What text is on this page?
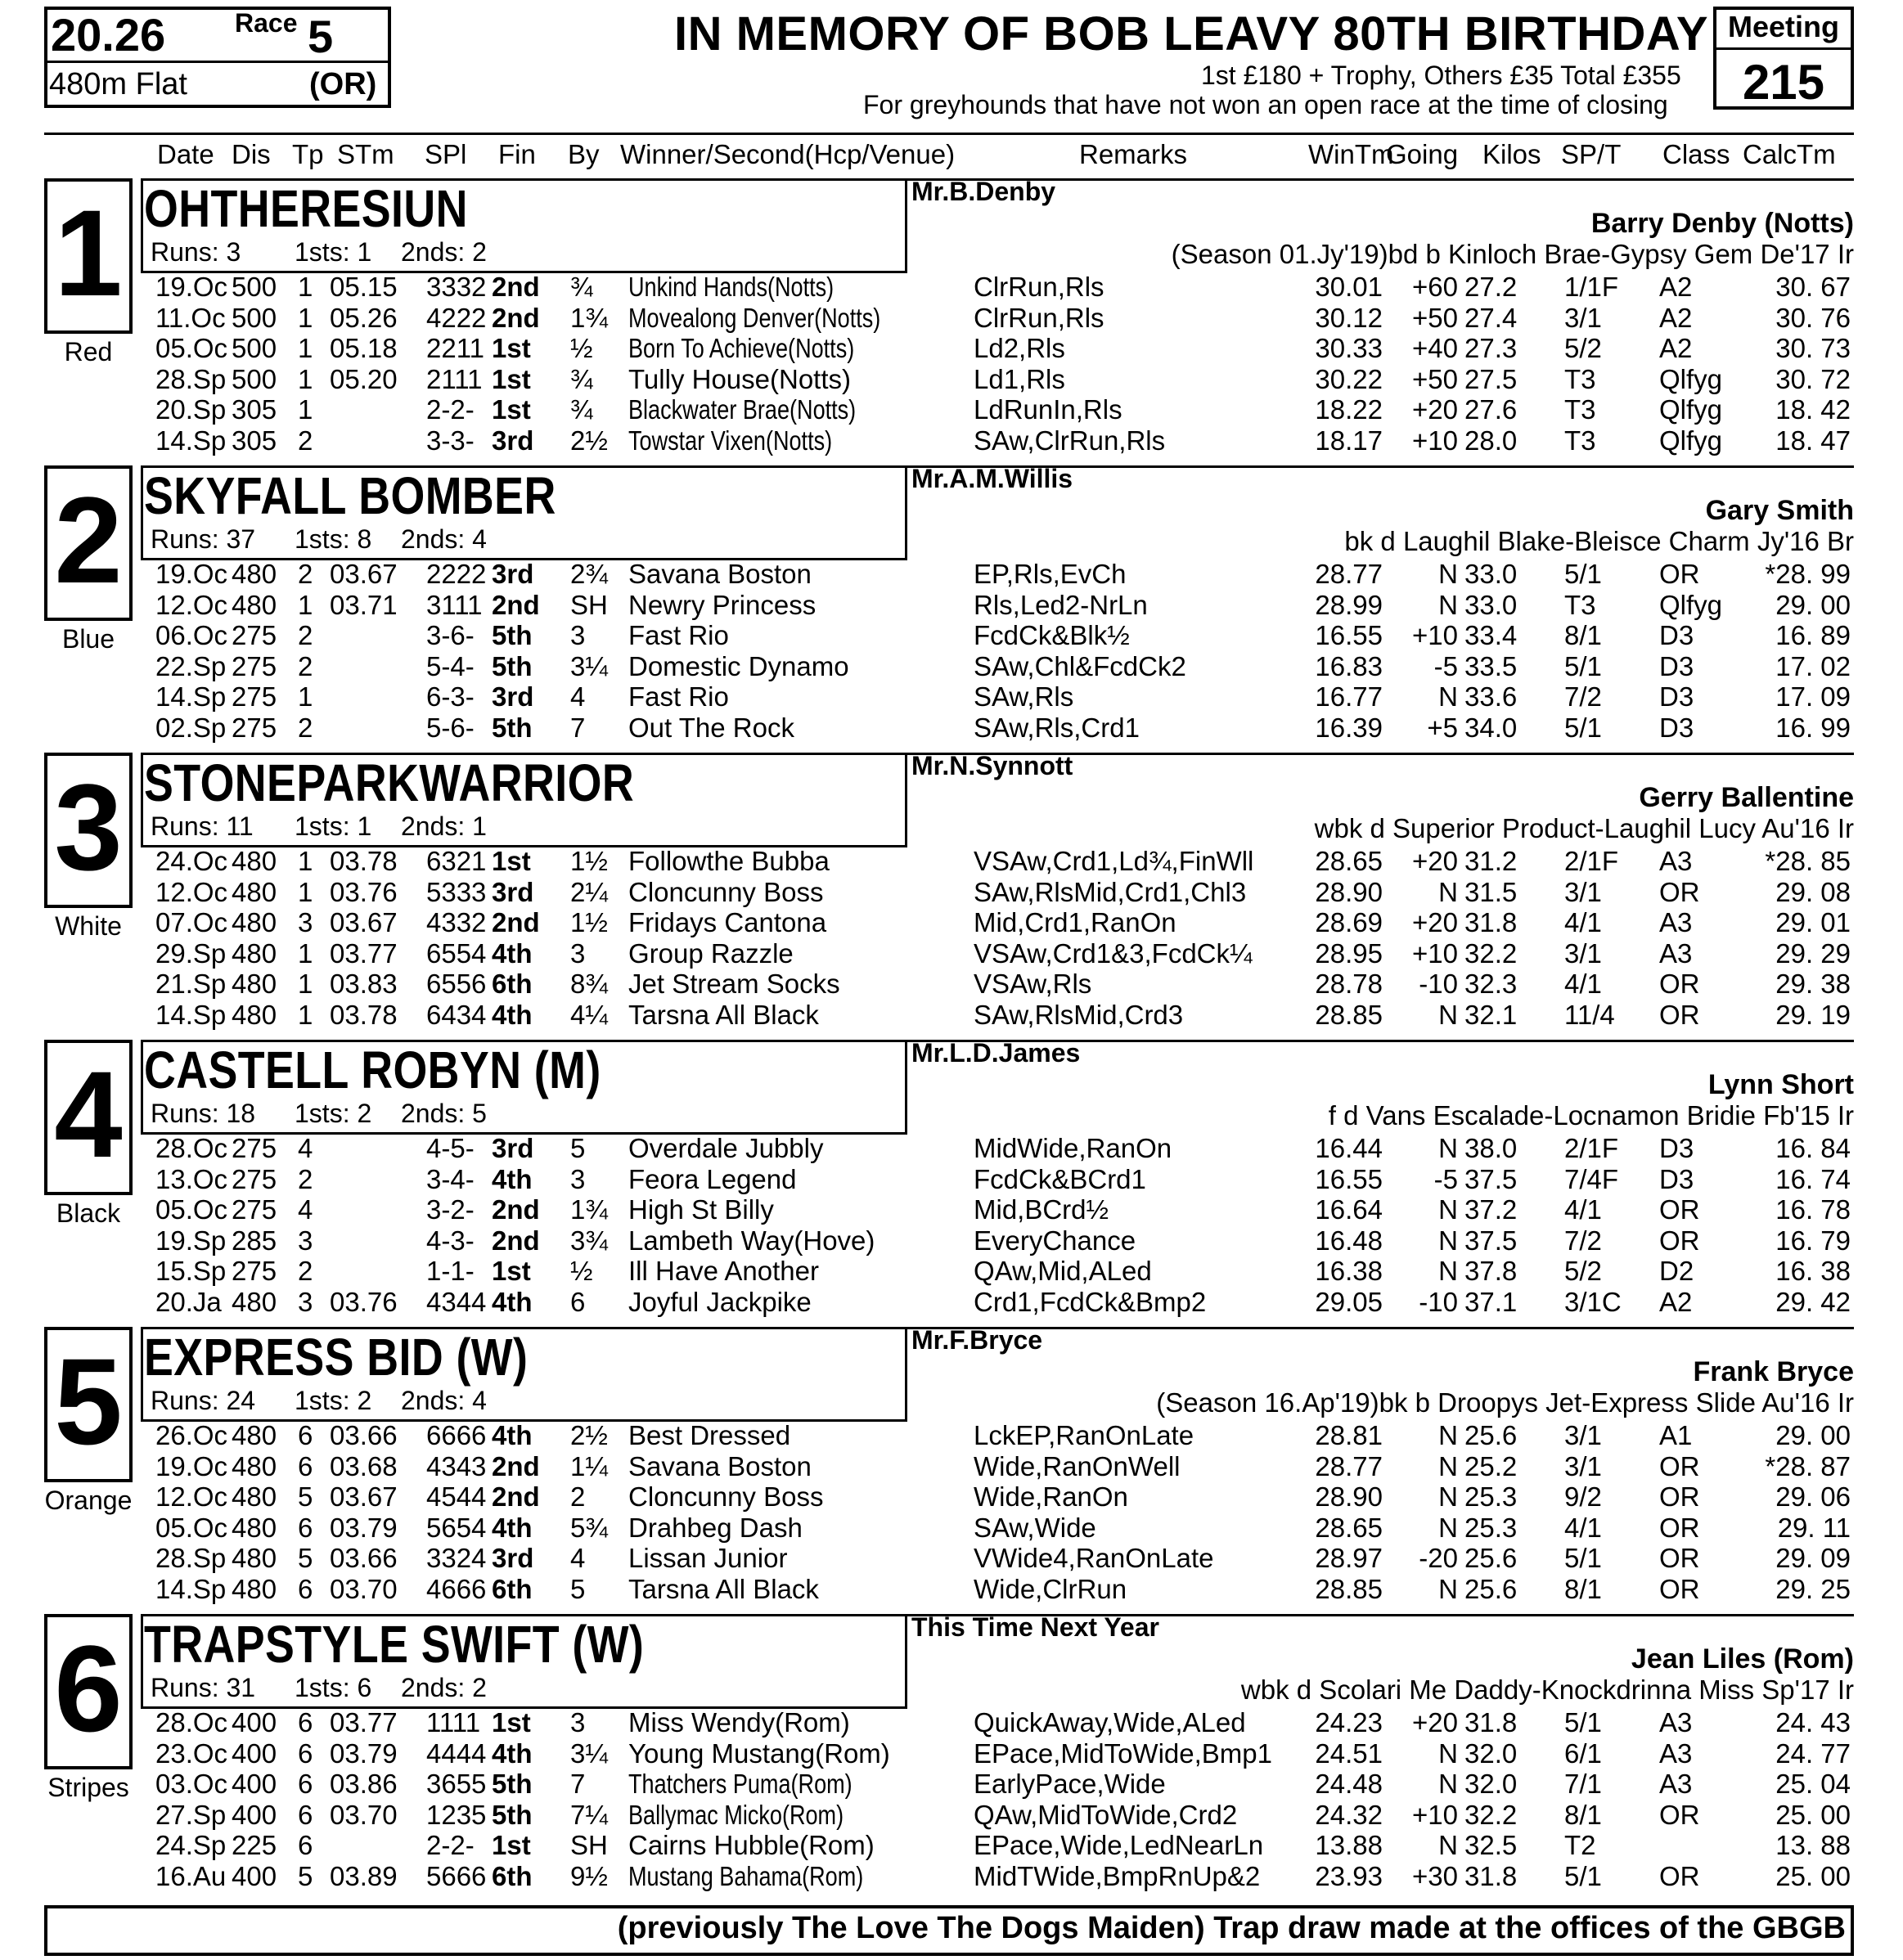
20.26	Race 5
480m Flat	(OR)
IN MEMORY OF BOB LEAVY 80TH BIRTHDAY
1st £180 + Trophy, Others £35 Total £355
For greyhounds that have not won an open race at the time of closing
Meeting
215
Date Dis Tp STm SPl Fin By Winner/Second(Hcp/Venue)	Remarks	WinTm
Going Kilos SP/T Class CalcTm
1
Red
OHTHERESIUN
Runs: 3 1sts: 1 2nds: 2
Mr.B.Denby
Barry Denby (Notts)
(Season 01.Jy'19)bd b Kinloch Brae-Gypsy Gem De'17 Ir
19.Oc 500 1 05.15 3332 2nd ¾ Unkind Hands(Notts)	ClrRun,Rls	30.01 +60 27.2 1/1F A2	30. 67
11.Oc 500 1 05.26 4222 2nd 1¾ Movealong Denver(Notts)	ClrRun,Rls	30.12 +50 27.4 3/1 A2	30. 76
05.Oc 500 1 05.18 2211 1st ½ Born To Achieve(Notts)	Ld2,Rls	30.33 +40 27.3 5/2 A2	30. 73
28.Sp 500 1 05.20 2111 1st ¾ Tully House(Notts)	Ld1,Rls	30.22 +50 27.5 T3 Qlfyg 30. 72
20.Sp 305 1	2-2- 1st ¾ Blackwater Brae(Notts)	LdRunIn,Rls	18.22 +20 27.6 T3 Qlfyg 18. 42
14.Sp 305 2	3-3- 3rd 2½ Towstar Vixen(Notts)	SAw,ClrRun,Rls	18.17 +10 28.0 T3 Qlfyg 18. 47
2
Blue
SKYFALL BOMBER
Runs: 37 1sts: 8 2nds: 4
Mr.A.M.Willis
Gary Smith
bk d Laughil Blake-Bleisce Charm Jy'16 Br
19.Oc 480 2 03.67 2222 3rd 2¾ Savana Boston	EP,Rls,EvCh	28.77 N 33.0 5/1 OR *28. 99
12.Oc 480 1 03.71 3111 2nd SH Newry Princess	Rls,Led2-NrLn	28.99 N 33.0 T3 Qlfyg 29. 00
06.Oc 275 2	3-6- 5th 3 Fast Rio	FcdCk&Blk½	16.55 +10 33.4 8/1 D3	16. 89
22.Sp 275 2	5-4- 5th 3¼ Domestic Dynamo	SAw,Chl&FcdCk2	16.83 -5 33.5 5/1 D3	17. 02
14.Sp 275 1	6-3- 3rd 4 Fast Rio	SAw,Rls	16.77 N 33.6 7/2 D3	17. 09
02.Sp 275 2	5-6- 5th 7 Out The Rock	SAw,Rls,Crd1	16.39 +5 34.0 5/1 D3	16. 99
3
White
STONEPARKWARRIOR
Runs: 11 1sts: 1 2nds: 1
Mr.N.Synnott
Gerry Ballentine
wbk d Superior Product-Laughil Lucy Au'16 Ir
24.Oc 480 1 03.78 6321 1st 1½ Followthe Bubba	VSAw,Crd1,Ld¾,FinWll 28.65 +20 31.2 2/1F A3	*28. 85
12.Oc 480 1 03.76 5333 3rd 2¼ Cloncunny Boss	SAw,RlsMid,Crd1,Chl3	28.90 N 31.5 3/1 OR	29. 08
07.Oc 480 3 03.67 4332 2nd 1½ Fridays Cantona	Mid,Crd1,RanOn	28.69 +20 31.8 4/1 A3	29. 01
29.Sp 480 1 03.77 6554 4th 3 Group Razzle	VSAw,Crd1&3,FcdCk¼ 28.95 +10 32.2 3/1 A3	29. 29
21.Sp 480 1 03.83 6556 6th 8¾ Jet Stream Socks	VSAw,Rls	28.78 -10 32.3 4/1 OR	29. 38
14.Sp 480 1 03.78 6434 4th 4¼ Tarsna All Black	SAw,RlsMid,Crd3	28.85 N 32.1 11/4 OR	29. 19
4
Black
CASTELL ROBYN (M)
Runs: 18 1sts: 2 2nds: 5
Mr.L.D.James
Lynn Short
f d Vans Escalade-Locnamon Bridie Fb'15 Ir
28.Oc 275 4	4-5- 3rd 5 Overdale Jubbly	MidWide,RanOn	16.44 N 38.0 2/1F D3	16. 84
13.Oc 275 2	3-4- 4th 3 Feora Legend	FcdCk&BCrd1	16.55 -5 37.5 7/4F D3	16. 74
05.Oc 275 4	3-2- 2nd 1¾ High St Billy	Mid,BCrd½	16.64 N 37.2 4/1 OR	16. 78
19.Sp 285 3	4-3- 2nd 3¾ Lambeth Way(Hove)	EveryChance	16.48 N 37.5 7/2 OR	16. 79
15.Sp 275 2	1-1- 1st ½ Ill Have Another	QAw,Mid,ALed	16.38 N 37.8 5/2 D2	16. 38
20.Ja 480 3 03.76 4344 4th 6 Joyful Jackpike	Crd1,FcdCk&Bmp2	29.05 -10 37.1 3/1C A2	29. 42
5
Orange
EXPRESS BID (W)
Runs: 24 1sts: 2 2nds: 4
Mr.F.Bryce
Frank Bryce
(Season 16.Ap'19)bk b Droopys Jet-Express Slide Au'16 Ir
26.Oc 480 6 03.66 6666 4th 2½ Best Dressed	LckEP,RanOnLate	28.81 N 25.6 3/1 A1	29. 00
19.Oc 480 6 03.68 4343 2nd 1¼ Savana Boston	Wide,RanOnWell	28.77 N 25.2 3/1 OR *28. 87
12.Oc 480 5 03.67 4544 2nd 2 Cloncunny Boss	Wide,RanOn	28.90 N 25.3 9/2 OR	29. 06
05.Oc 480 6 03.79 5654 4th 5¾ Drahbeg Dash	SAw,Wide	28.65 N 25.3 4/1 OR	29. 11
28.Sp 480 5 03.66 3324 3rd 4 Lissan Junior	VWide4,RanOnLate	28.97 -20 25.6 5/1 OR	29. 09
14.Sp 480 6 03.70 4666 6th 5 Tarsna All Black	Wide,ClrRun	28.85 N 25.6 8/1 OR	29. 25
6
Stripes
TRAPSTYLE SWIFT (W)
Runs: 31 1sts: 6 2nds: 2
This Time Next Year
Jean Liles (Rom)
wbk d Scolari Me Daddy-Knockdrinna Miss Sp'17 Ir
28.Oc 400 6 03.77 1111 1st 3 Miss Wendy(Rom)	QuickAway,Wide,ALed	24.23 +20 31.8 5/1 A3	24. 43
23.Oc 400 6 03.79 4444 4th 3¼ Young Mustang(Rom)	EPace,MidToWide,Bmp1 24.51 N 32.0 6/1 A3	24. 77
03.Oc 400 6 03.86 3655 5th 7 Thatchers Puma(Rom)	EarlyPace,Wide	24.48 N 32.0 7/1 A3	25. 04
27.Sp 400 6 03.70 1235 5th 7¼ Ballymac Micko(Rom)	QAw,MidToWide,Crd2	24.32 +10 32.2 8/1 OR	25. 00
24.Sp 225 6	2-2- 1st SH Cairns Hubble(Rom)	EPace,Wide,LedNearLn 13.88 N 32.5 T2	13. 88
16.Au 400 5 03.89 5666 6th 9½ Mustang Bahama(Rom)	MidTWide,BmpRnUp&2 23.93 +30 31.8 5/1 OR	25. 00
(previously The Love The Dogs Maiden) Trap draw made at the offices of the GBGB
